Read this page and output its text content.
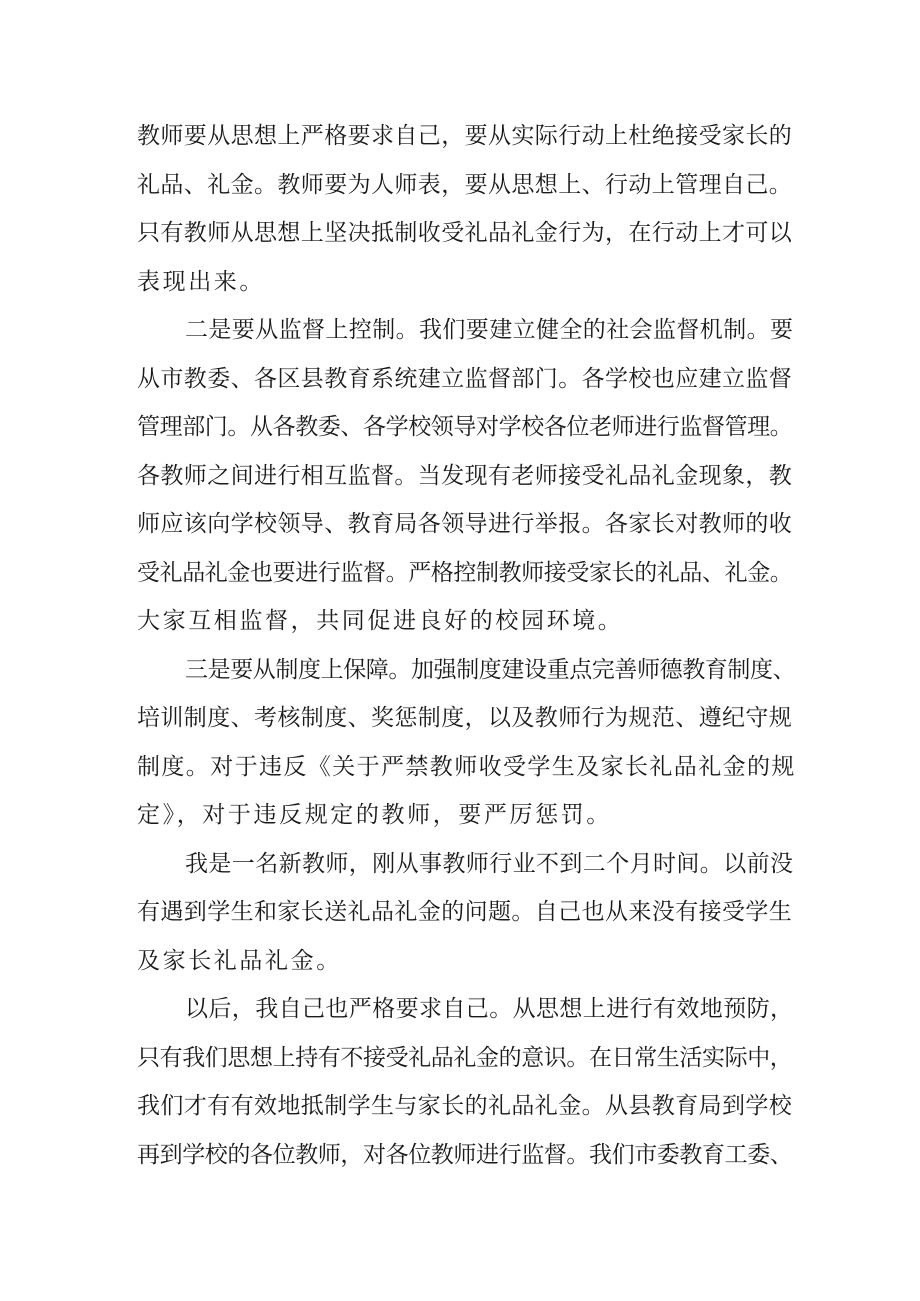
教师要从思想上严格要求自己，要从实际行动上杜绝接受家长的
礼品、礼金。教师要为人师表，要从思想上、行动上管理自己。
只有教师从思想上坚决抵制收受礼品礼金行为，在行动上才可以
表现出来。
二是要从监督上控制。我们要建立健全的社会监督机制。要
从市教委、各区县教育系统建立监督部门。各学校也应建立监督
管理部门。从各教委、各学校领导对学校各位老师进行监督管理。
各教师之间进行相互监督。当发现有老师接受礼品礼金现象，教
师应该向学校领导、教育局各领导进行举报。各家长对教师的收
受礼品礼金也要进行监督。严格控制教师接受家长的礼品、礼金。
大家互相监督，共同促进良好的校园环境。
三是要从制度上保障。加强制度建设重点完善师德教育制度、
培训制度、考核制度、奖惩制度，以及教师行为规范、遵纪守规
制度。对于违反《关于严禁教师收受学生及家长礼品礼金的规
定》，对于违反规定的教师，要严厉惩罚。
我是一名新教师，刚从事教师行业不到二个月时间。以前没
有遇到学生和家长送礼品礼金的问题。自己也从来没有接受学生
及家长礼品礼金。
以后，我自己也严格要求自己。从思想上进行有效地预防，
只有我们思想上持有不接受礼品礼金的意识。在日常生活实际中，
我们才有有效地抵制学生与家长的礼品礼金。从县教育局到学校
再到学校的各位教师，对各位教师进行监督。我们市委教育工委、
